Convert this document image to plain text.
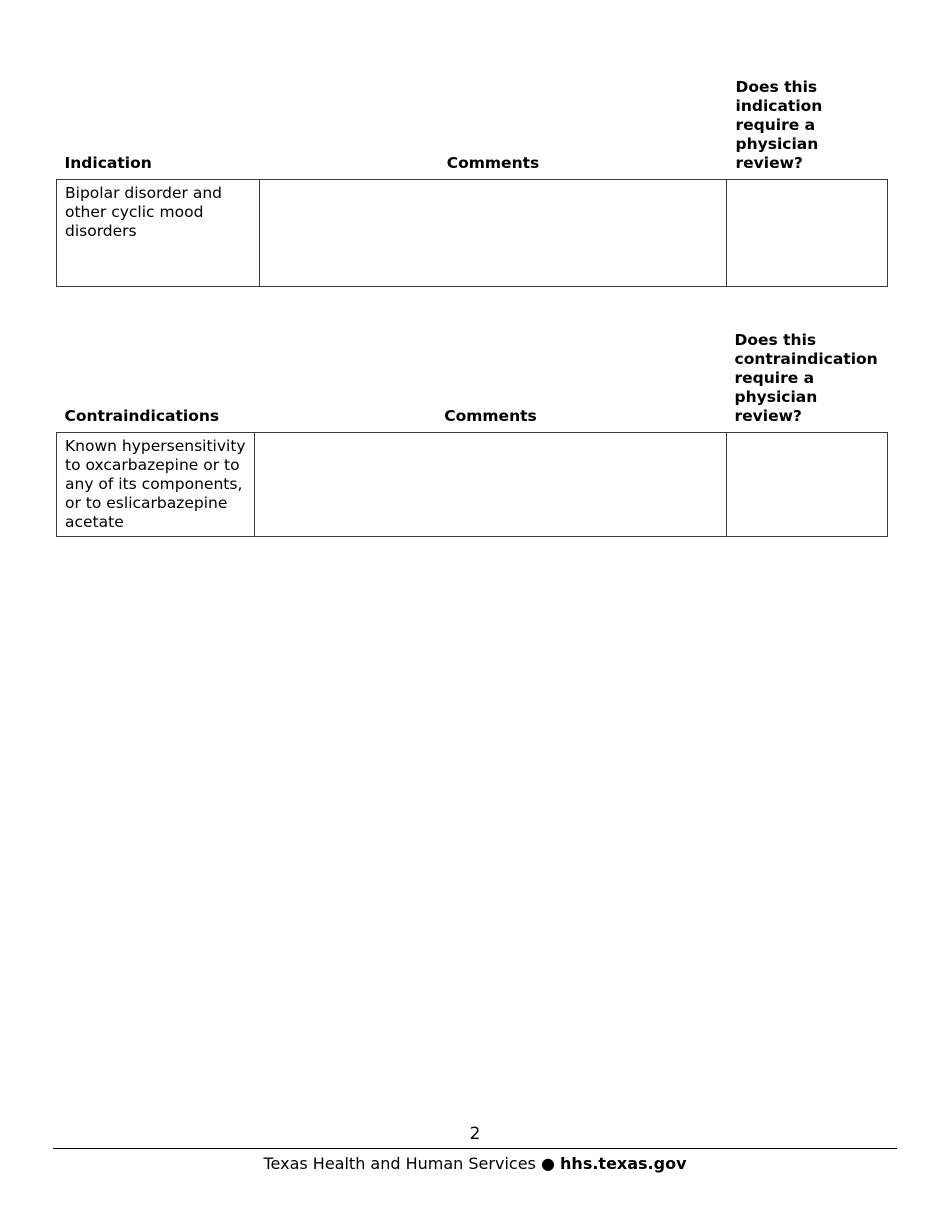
Indication	Comments	Does this indication require a physician review?
Bipolar disorder and other cyclic mood disorders		
Contraindications	Comments	Does this contraindication require a physician review?
Known hypersensitivity to oxcarbazepine or to any of its components, or to eslicarbazepine acetate		
2
Texas Health and Human Services ● hhs.texas.gov
